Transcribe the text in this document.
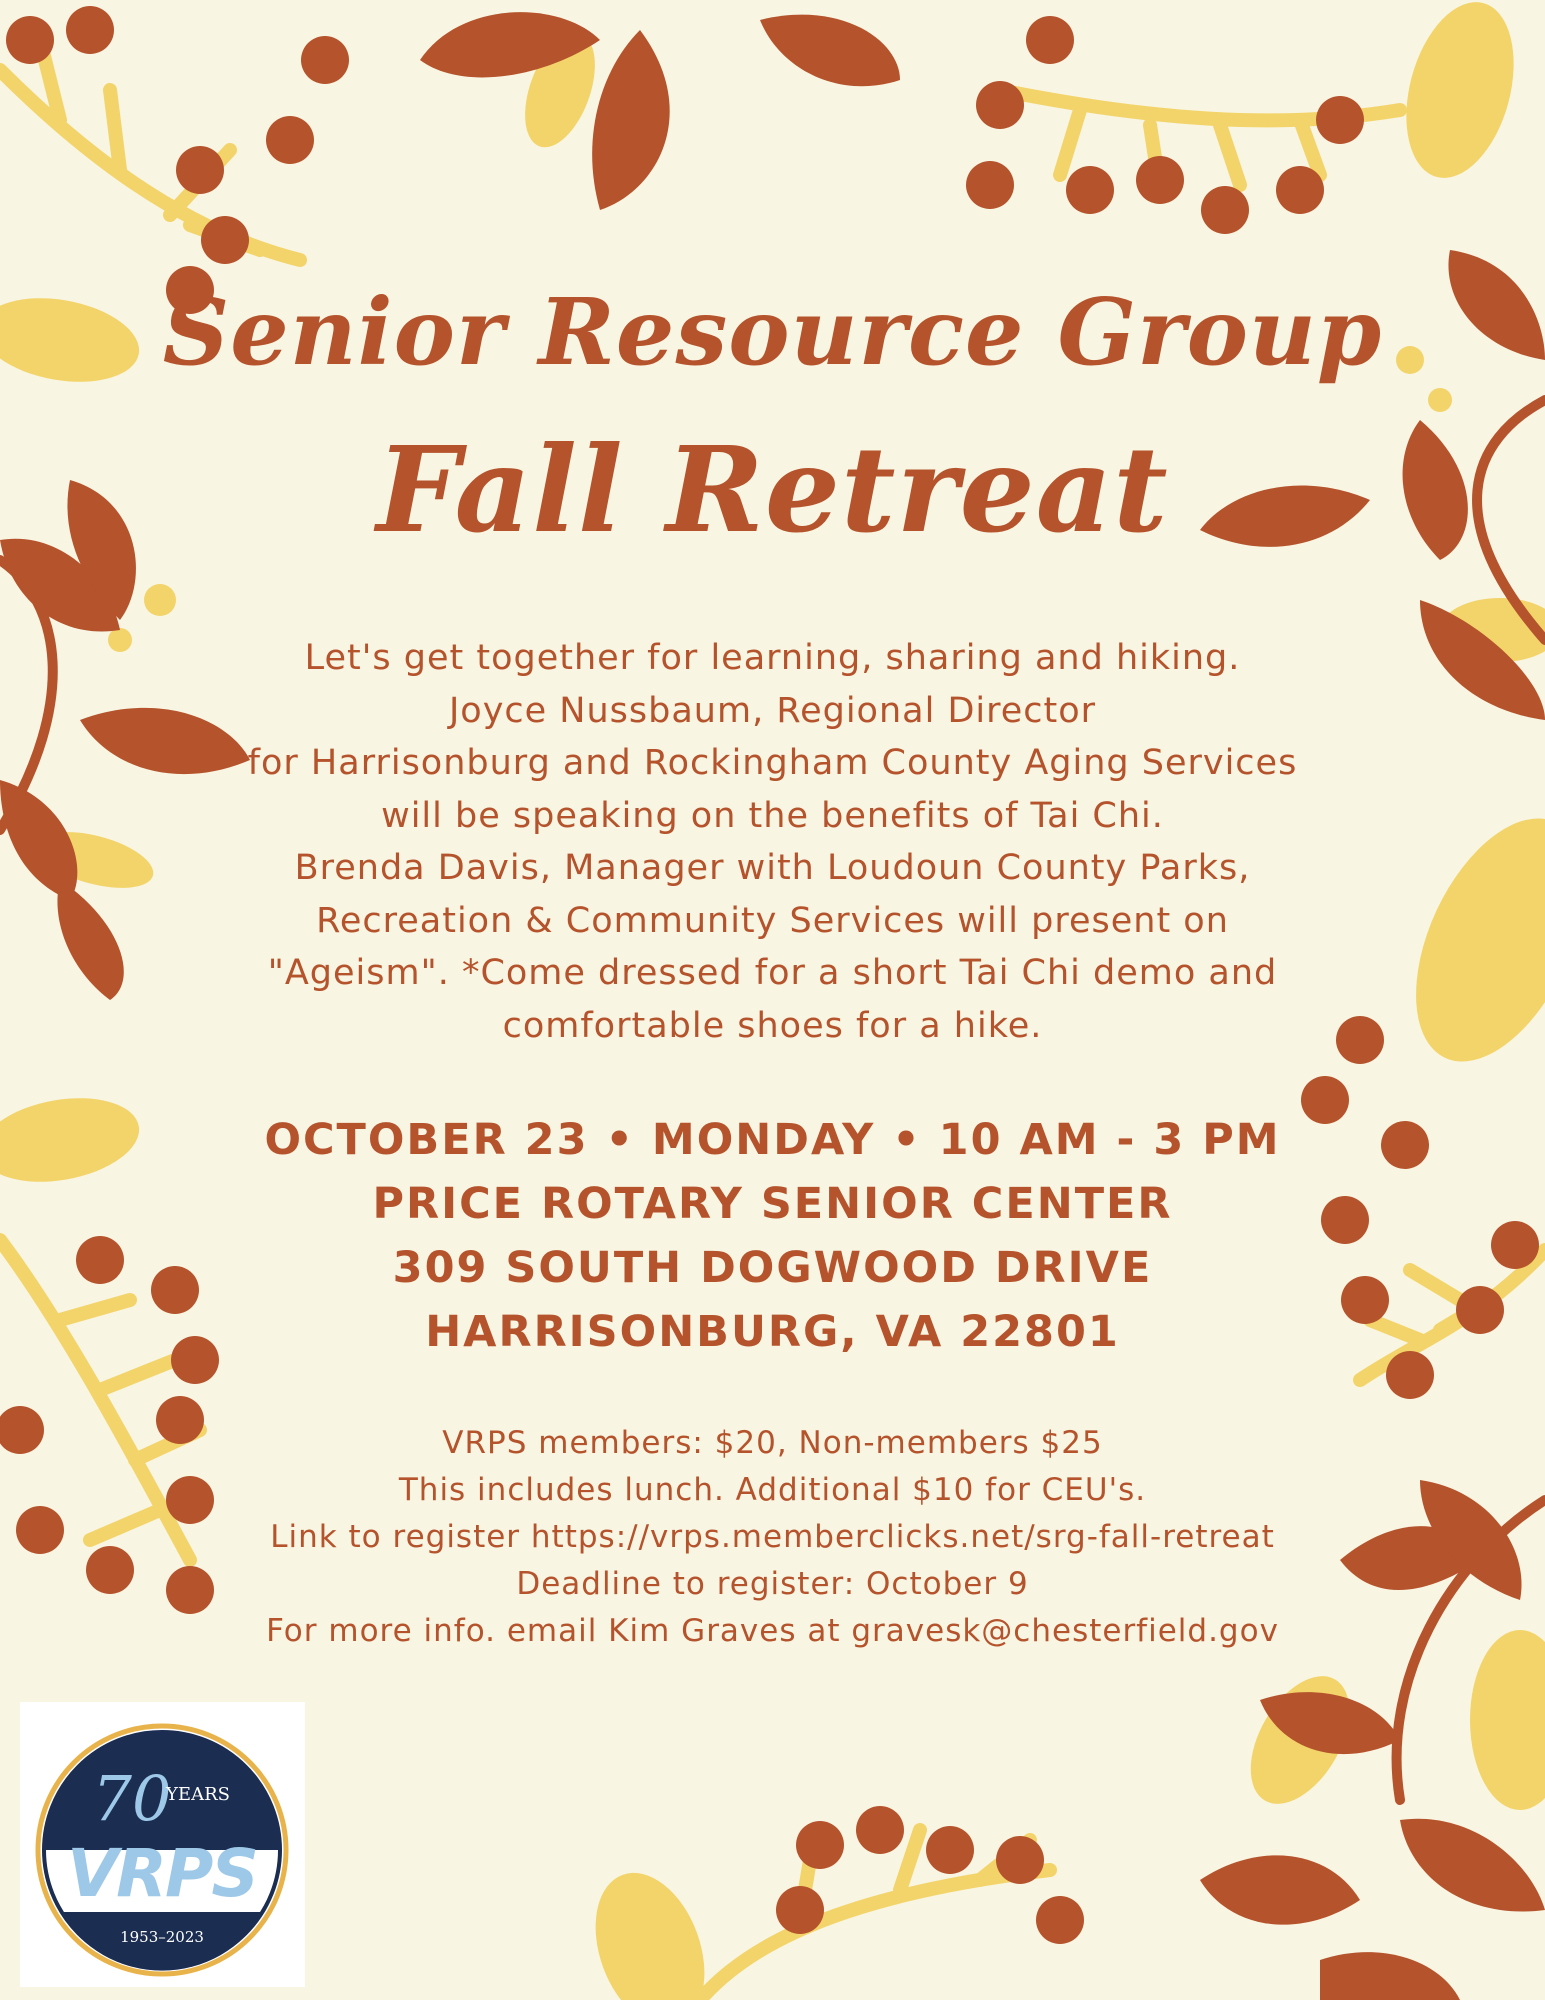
Senior Resource Group
Fall Retreat
Let's get together for learning, sharing and hiking.
Joyce Nussbaum, Regional Director
for Harrisonburg and Rockingham County Aging Services
will be speaking on the benefits of Tai Chi.
Brenda Davis, Manager with Loudoun County Parks,
Recreation & Community Services will present on
"Ageism". *Come dressed for a short Tai Chi demo and
comfortable shoes for a hike.
OCTOBER 23 • MONDAY • 10 AM - 3 PM
PRICE ROTARY SENIOR CENTER
309 SOUTH DOGWOOD DRIVE
HARRISONBURG, VA 22801
VRPS members: $20, Non-members $25
This includes lunch. Additional $10 for CEU's.
Link to register https://vrps.memberclicks.net/srg-fall-retreat
Deadline to register: October 9
For more info. email Kim Graves at gravesk@chesterfield.gov
70
YEARS
VRPS
1953–2023
